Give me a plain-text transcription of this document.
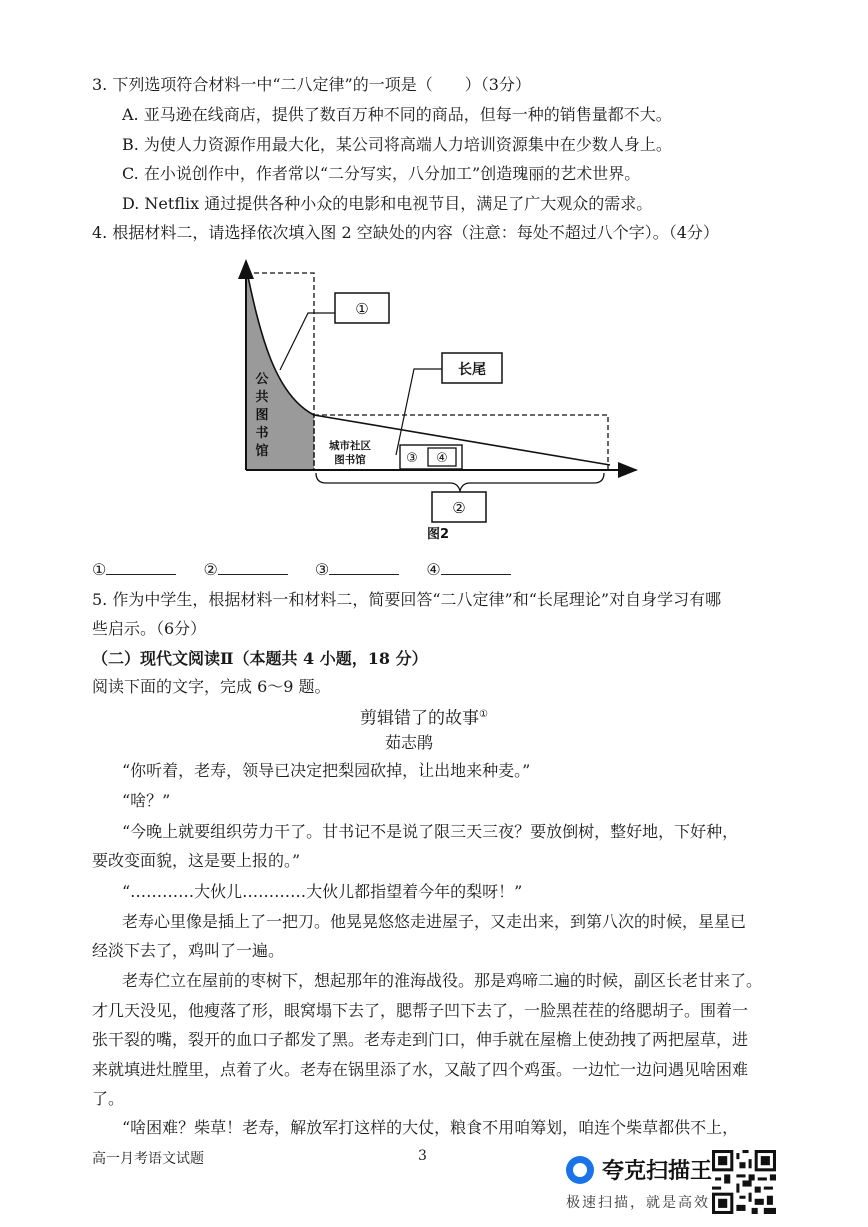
3. 下列选项符合材料一中“二八定律”的一项是（　　）（3分）
A. 亚马逊在线商店，提供了数百万种不同的商品，但每一种的销售量都不大。
B. 为使人力资源作用最大化，某公司将高端人力培训资源集中在少数人身上。
C. 在小说创作中，作者常以“二分写实，八分加工”创造瑰丽的艺术世界。
D. Netflix 通过提供各种小众的电影和电视节目，满足了广大观众的需求。
4. 根据材料二，请选择依次填入图 2 空缺处的内容（注意：每处不超过八个字）。（4分）
①
长尾
公
共
图
书
馆	城市社区
图书馆	③ ④
②
图2
①	②	③	④
5. 作为中学生，根据材料一和材料二，简要回答“二八定律”和“长尾理论”对自身学习有哪
些启示。（6分）
（二）现代文阅读Ⅱ（本题共 4 小题，18 分）
阅读下面的文字，完成 6～9 题。
剪辑错了的故事①
茹志鹃
“你听着，老寿，领导已决定把梨园砍掉，让出地来种麦。”
“啥？”
“今晚上就要组织劳力干了。甘书记不是说了限三天三夜？要放倒树，整好地，下好种，
要改变面貌，这是要上报的。”
“…………大伙儿…………大伙儿都指望着今年的梨呀！”
老寿心里像是插上了一把刀。他晃晃悠悠走进屋子，又走出来，到第八次的时候，星星已
经淡下去了，鸡叫了一遍。
老寿伫立在屋前的枣树下，想起那年的淮海战役。那是鸡啼二遍的时候，副区长老甘来了。
才几天没见，他瘦落了形，眼窝塌下去了，腮帮子凹下去了，一脸黑茬茬的络腮胡子。围着一
张干裂的嘴，裂开的血口子都发了黑。老寿走到门口，伸手就在屋檐上使劲拽了两把屋草，进
来就填进灶膛里，点着了火。老寿在锅里添了水，又敲了四个鸡蛋。一边忙一边问遇见啥困难
了。
“啥困难？柴草！老寿，解放军打这样的大仗，粮食不用咱筹划，咱连个柴草都供不上，
高一月考语文试题	3
夸克扫描王
极速扫描，就是高效
